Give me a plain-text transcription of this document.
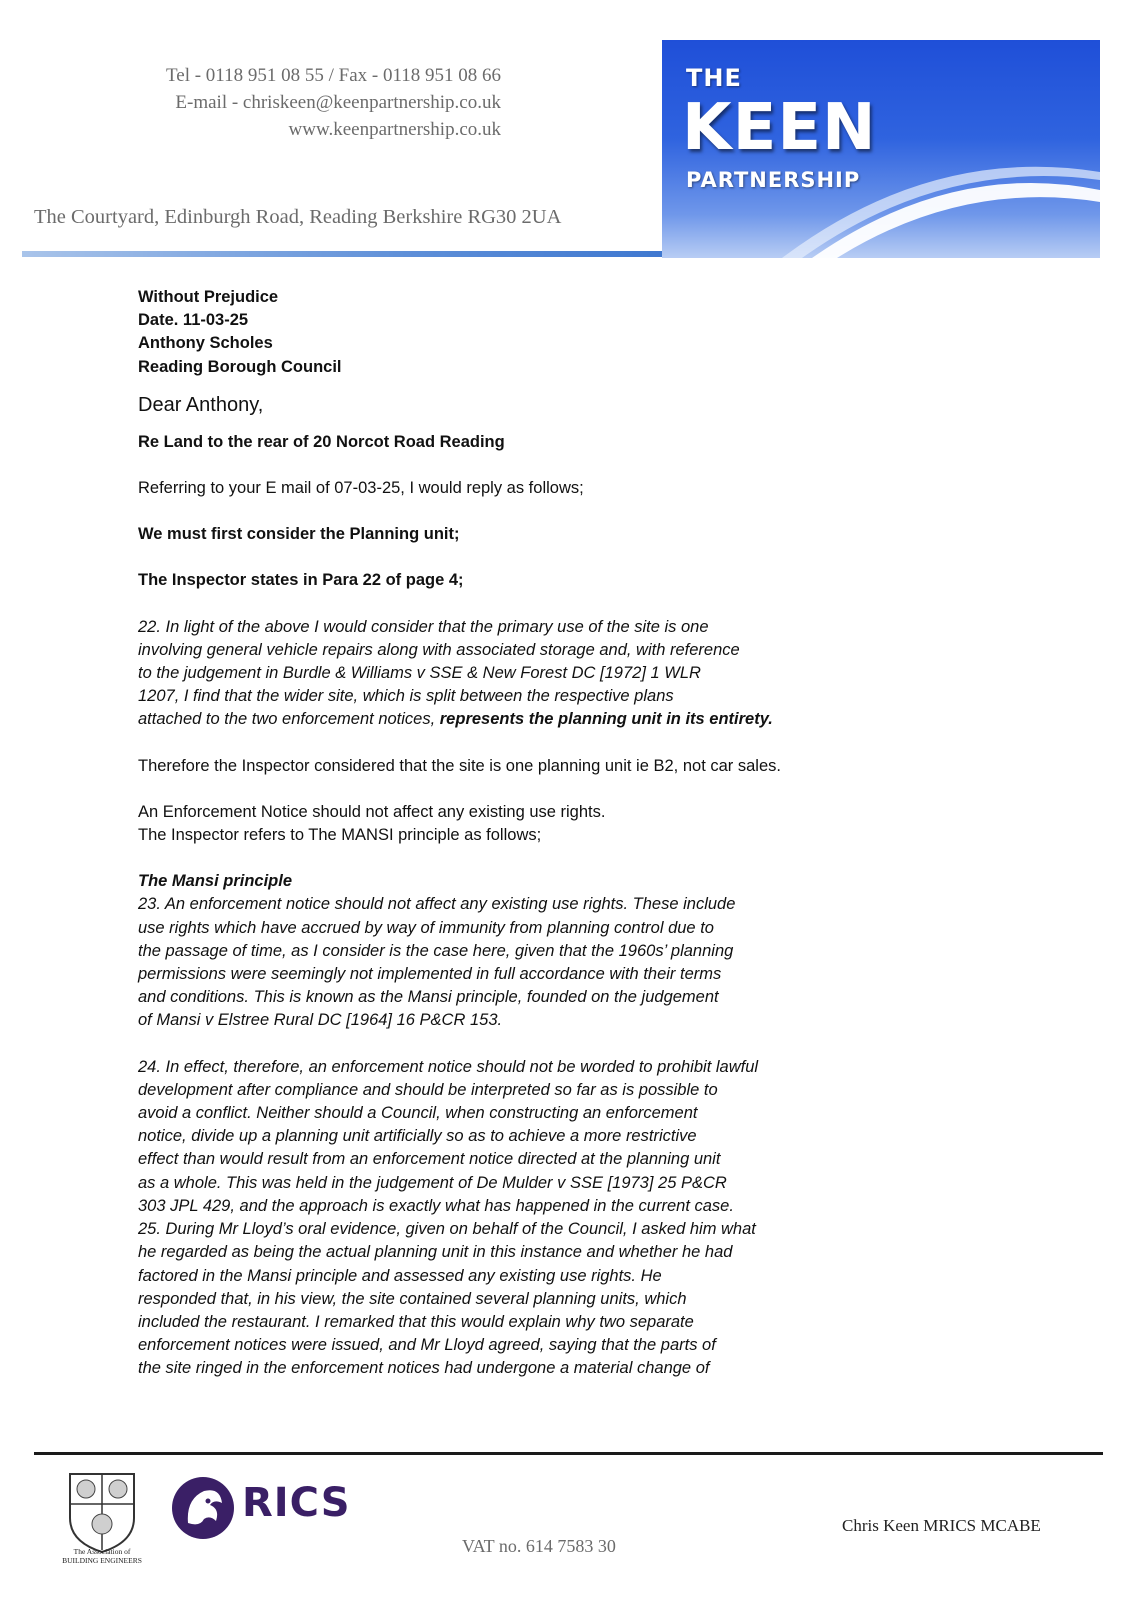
Tel - 0118 951 08 55 / Fax - 0118 951 08 66
E-mail - chriskeen@keenpartnership.co.uk
www.keenpartnership.co.uk
The Courtyard, Edinburgh Road, Reading Berkshire RG30 2UA
THE
KEEN
PARTNERSHIP
Without Prejudice
Date. 11-03-25
Anthony Scholes
Reading Borough Council

Dear Anthony,

Re Land to the rear of 20 Norcot Road Reading

Referring to your E mail of 07-03-25, I would reply as follows;

We must first consider the Planning unit;

The Inspector states in Para 22 of page 4;

22. In light of the above I would consider that the primary use of the site is one
involving general vehicle repairs along with associated storage and, with reference
to the judgement in Burdle & Williams v SSE & New Forest DC [1972] 1 WLR
1207, I find that the wider site, which is split between the respective plans
attached to the two enforcement notices, represents the planning unit in its entirety.

Therefore the Inspector considered that the site is one planning unit ie B2, not car sales.

An Enforcement Notice should not affect any existing use rights.
The Inspector refers to The MANSI principle as follows;
The Mansi principle
23. An enforcement notice should not affect any existing use rights. These include
use rights which have accrued by way of immunity from planning control due to
the passage of time, as I consider is the case here, given that the 1960s’ planning
permissions were seemingly not implemented in full accordance with their terms
and conditions. This is known as the Mansi principle, founded on the judgement
of Mansi v Elstree Rural DC [1964] 16 P&CR 153.
24. In effect, therefore, an enforcement notice should not be worded to prohibit lawful
development after compliance and should be interpreted so far as is possible to
avoid a conflict. Neither should a Council, when constructing an enforcement
notice, divide up a planning unit artificially so as to achieve a more restrictive
effect than would result from an enforcement notice directed at the planning unit
as a whole. This was held in the judgement of De Mulder v SSE [1973] 25 P&CR
303 JPL 429, and the approach is exactly what has happened in the current case.
25. During Mr Lloyd’s oral evidence, given on behalf of the Council, I asked him what
he regarded as being the actual planning unit in this instance and whether he had
factored in the Mansi principle and assessed any existing use rights. He
responded that, in his view, the site contained several planning units, which
included the restaurant. I remarked that this would explain why two separate
enforcement notices were issued, and Mr Lloyd agreed, saying that the parts of
the site ringed in the enforcement notices had undergone a material change of
The Association of
BUILDING ENGINEERS
RICS
VAT no. 614 7583 30
Chris Keen MRICS MCABE
